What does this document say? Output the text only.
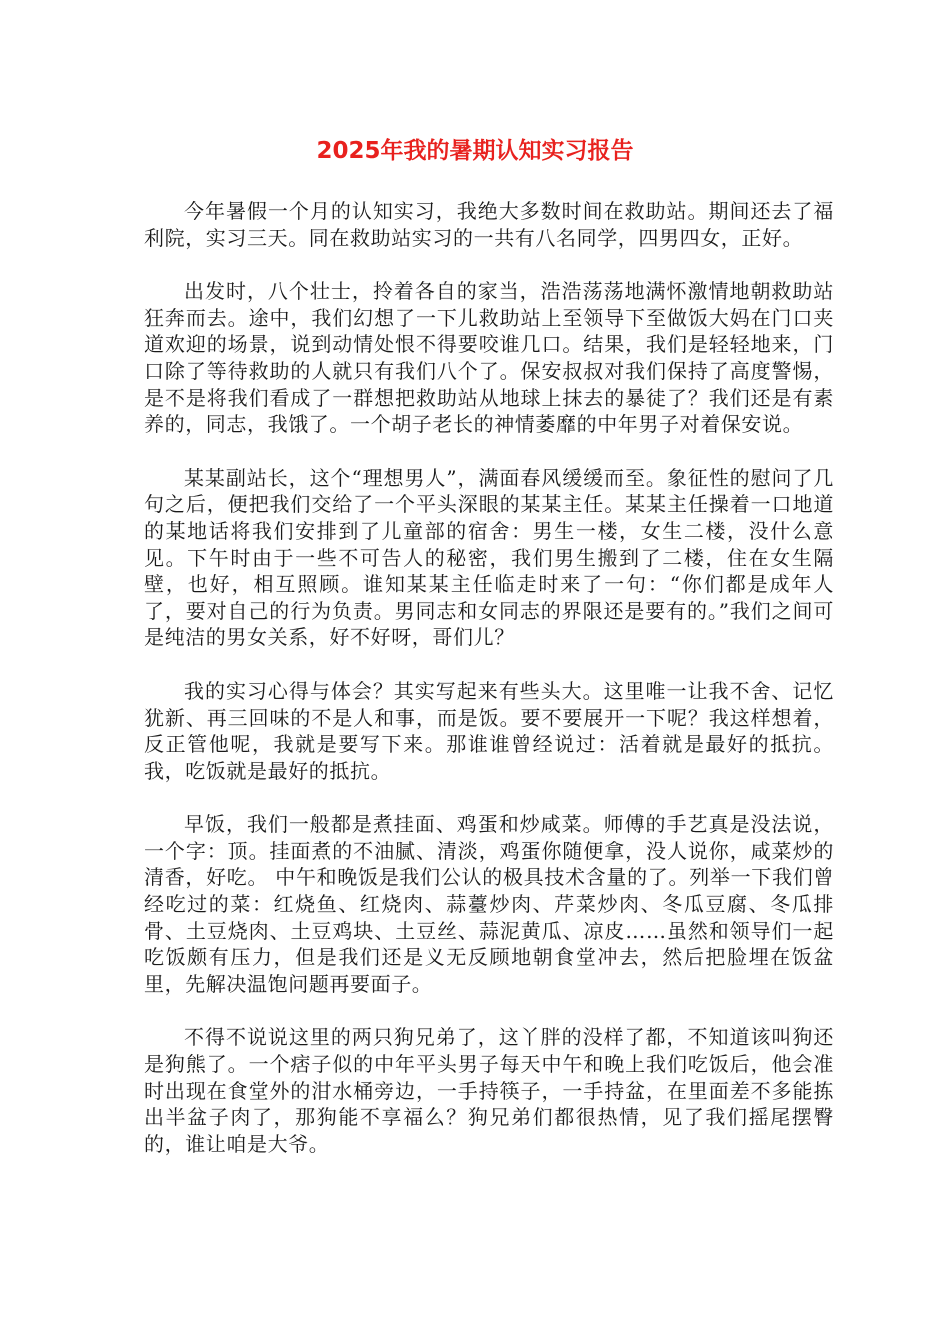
2025年我的暑期认知实习报告

今年暑假一个月的认知实习，我绝大多数时间在救助站。期间还去了福利院，实习三天。同在救助站实习的一共有八名同学，四男四女，正好。

出发时，八个壮士，拎着各自的家当，浩浩荡荡地满怀激情地朝救助站狂奔而去。途中，我们幻想了一下儿救助站上至领导下至做饭大妈在门口夹道欢迎的场景，说到动情处恨不得要咬谁几口。结果，我们是轻轻地来，门口除了等待救助的人就只有我们八个了。保安叔叔对我们保持了高度警惕，是不是将我们看成了一群想把救助站从地球上抹去的暴徒了？我们还是有素养的，同志，我饿了。一个胡子老长的神情萎靡的中年男子对着保安说。

某某副站长，这个“理想男人”，满面春风缓缓而至。象征性的慰问了几句之后，便把我们交给了一个平头深眼的某某主任。某某主任操着一口地道的某地话将我们安排到了儿童部的宿舍：男生一楼，女生二楼，没什么意见。下午时由于一些不可告人的秘密，我们男生搬到了二楼，住在女生隔壁，也好，相互照顾。谁知某某主任临走时来了一句：“你们都是成年人了，要对自己的行为负责。男同志和女同志的界限还是要有的。”我们之间可是纯洁的男女关系，好不好呀，哥们儿？

我的实习心得与体会？其实写起来有些头大。这里唯一让我不舍、记忆犹新、再三回味的不是人和事，而是饭。要不要展开一下呢？我这样想着，反正管他呢，我就是要写下来。那谁谁曾经说过：活着就是最好的抵抗。我，吃饭就是最好的抵抗。

早饭，我们一般都是煮挂面、鸡蛋和炒咸菜。师傅的手艺真是没法说，一个字：顶。挂面煮的不油腻、清淡，鸡蛋你随便拿，没人说你，咸菜炒的清香，好吃。 中午和晚饭是我们公认的极具技术含量的了。列举一下我们曾经吃过的菜：红烧鱼、红烧肉、蒜薹炒肉、芹菜炒肉、冬瓜豆腐、冬瓜排骨、土豆烧肉、土豆鸡块、土豆丝、蒜泥黄瓜、凉皮……虽然和领导们一起吃饭颇有压力，但是我们还是义无反顾地朝食堂冲去，然后把脸埋在饭盆里，先解决温饱问题再要面子。

不得不说说这里的两只狗兄弟了，这丫胖的没样了都，不知道该叫狗还是狗熊了。一个痞子似的中年平头男子每天中午和晚上我们吃饭后，他会准时出现在食堂外的泔水桶旁边，一手持筷子，一手持盆，在里面差不多能拣出半盆子肉了，那狗能不享福么？狗兄弟们都很热情，见了我们摇尾摆臀的，谁让咱是大爷。
